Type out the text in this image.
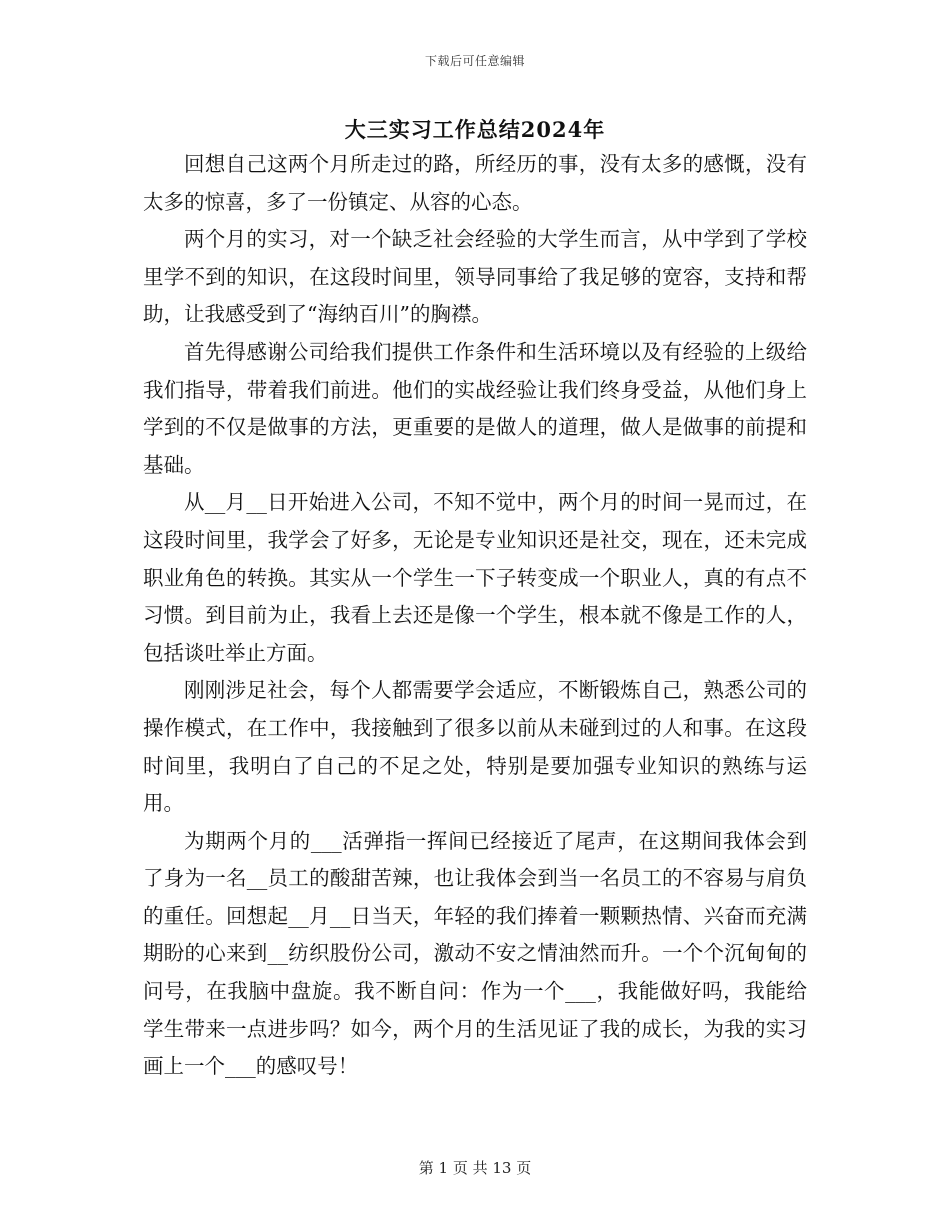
下载后可任意编辑
大三实习工作总结2024年

回想自己这两个月所走过的路，所经历的事，没有太多的感慨，没有太多的惊喜，多了一份镇定、从容的心态。

两个月的实习，对一个缺乏社会经验的大学生而言，从中学到了学校里学不到的知识，在这段时间里，领导同事给了我足够的宽容，支持和帮助，让我感受到了“海纳百川”的胸襟。

首先得感谢公司给我们提供工作条件和生活环境以及有经验的上级给我们指导，带着我们前进。他们的实战经验让我们终身受益，从他们身上学到的不仅是做事的方法，更重要的是做人的道理，做人是做事的前提和基础。

从__月__日开始进入公司，不知不觉中，两个月的时间一晃而过，在这段时间里，我学会了好多，无论是专业知识还是社交，现在，还未完成职业角色的转换。其实从一个学生一下子转变成一个职业人，真的有点不习惯。到目前为止，我看上去还是像一个学生，根本就不像是工作的人，包括谈吐举止方面。

刚刚涉足社会，每个人都需要学会适应，不断锻炼自己，熟悉公司的操作模式，在工作中，我接触到了很多以前从未碰到过的人和事。在这段时间里，我明白了自己的不足之处，特别是要加强专业知识的熟练与运用。

为期两个月的___活弹指一挥间已经接近了尾声，在这期间我体会到了身为一名__员工的酸甜苦辣，也让我体会到当一名员工的不容易与肩负的重任。回想起__月__日当天，年轻的我们捧着一颗颗热情、兴奋而充满期盼的心来到__纺织股份公司，激动不安之情油然而升。一个个沉甸甸的问号，在我脑中盘旋。我不断自问：作为一个___，我能做好吗，我能给学生带来一点进步吗？如今，两个月的生活见证了我的成长，为我的实习画上一个___的感叹号！

第 1 页 共 13 页
